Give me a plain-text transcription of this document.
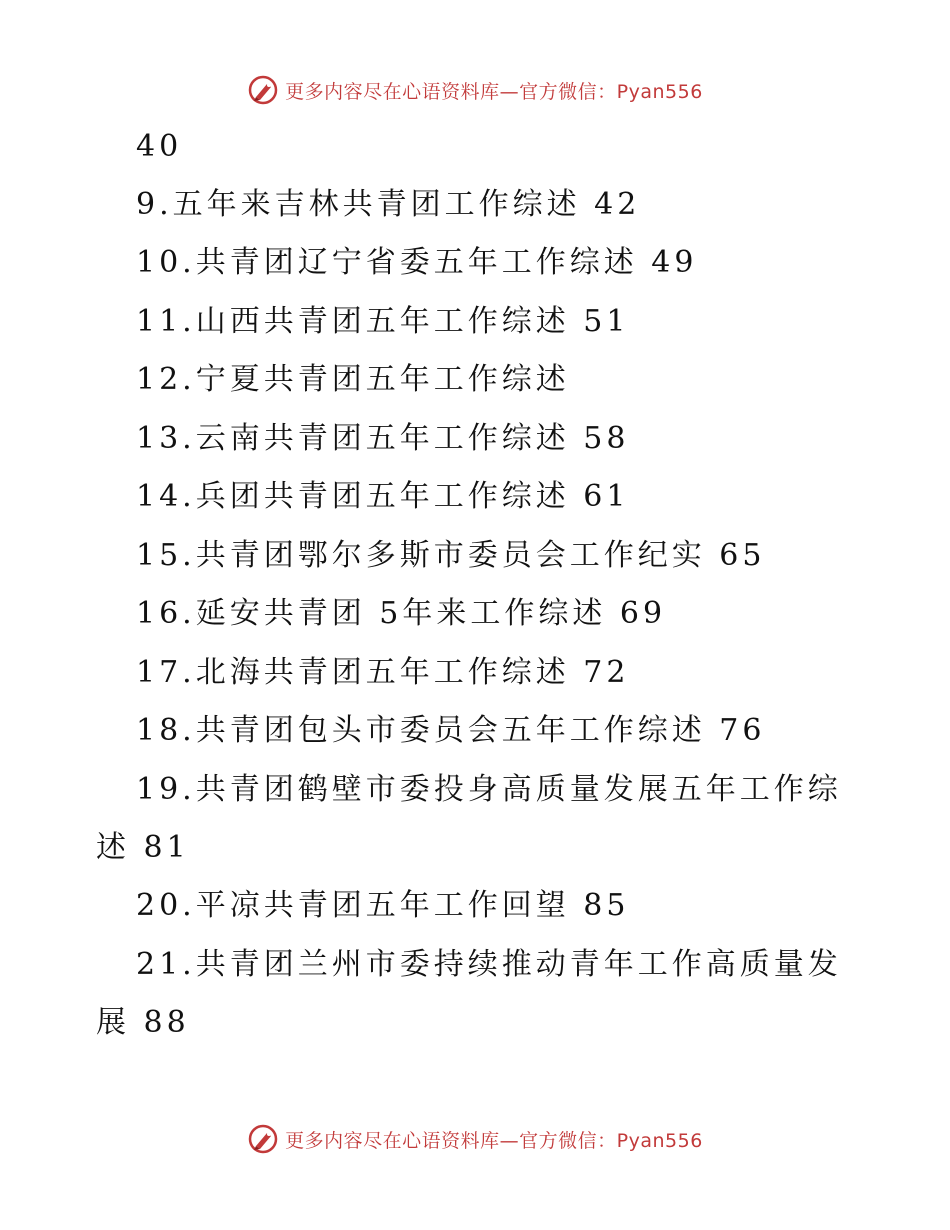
更多内容尽在心语资料库—官方微信：Pyan556
40
9.五年来吉林共青团工作综述 42
10.共青团辽宁省委五年工作综述 49
11.山西共青团五年工作综述 51
12.宁夏共青团五年工作综述
13.云南共青团五年工作综述 58
14.兵团共青团五年工作综述 61
15.共青团鄂尔多斯市委员会工作纪实 65
16.延安共青团 5年来工作综述 69
17.北海共青团五年工作综述 72
18.共青团包头市委员会五年工作综述 76
19.共青团鹤壁市委投身高质量发展五年工作综
述 81
20.平凉共青团五年工作回望 85
21.共青团兰州市委持续推动青年工作高质量发
展 88
更多内容尽在心语资料库—官方微信：Pyan556
